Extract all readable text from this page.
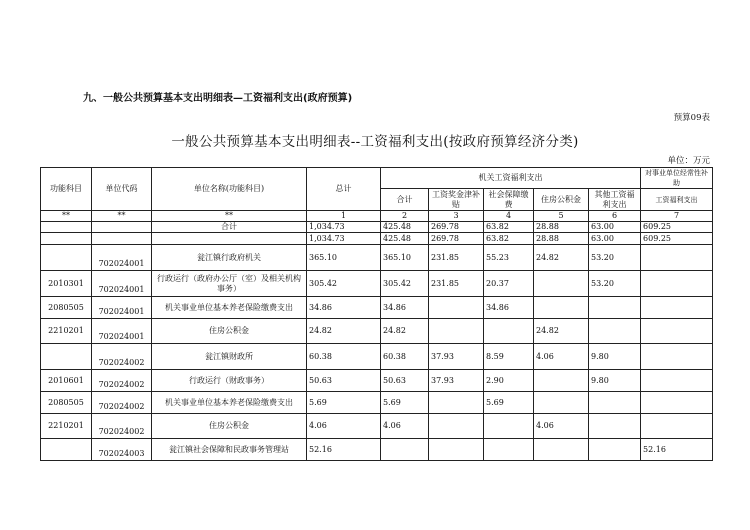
九、一般公共预算基本支出明细表—工资福利支出(政府预算)
预算09表
一般公共预算基本支出明细表--工资福利支出(按政府预算经济分类)
单位：万元
功能科目	单位代码	单位名称(功能科目)	总计	机关工资福利支出					对事业单位经常性补助
				合计	工资奖金津补贴	社会保障缴费	住房公积金	其他工资福利支出	工资福利支出
**	**	**	1	2	3	4	5	6	7
		合计	1,034.73	425.48	269.78	63.82	28.88	63.00	609.25
			1,034.73	425.48	269.78	63.82	28.88	63.00	609.25
	702024001	瓮江镇行政府机关	365.10	365.10	231.85	55.23	24.82	53.20	
2010301	702024001	行政运行（政府办公厅（室）及相关机构事务）	305.42	305.42	231.85	20.37		53.20	
2080505	702024001	机关事业单位基本养老保险缴费支出	34.86	34.86		34.86			
2210201	702024001	住房公积金	24.82	24.82			24.82		
	702024002	瓮江镇财政所	60.38	60.38	37.93	8.59	4.06	9.80	
2010601	702024002	行政运行（财政事务）	50.63	50.63	37.93	2.90		9.80	
2080505	702024002	机关事业单位基本养老保险缴费支出	5.69	5.69		5.69			
2210201	702024002	住房公积金	4.06	4.06			4.06		
	702024003	瓮江镇社会保障和民政事务管理站	52.16						52.16
